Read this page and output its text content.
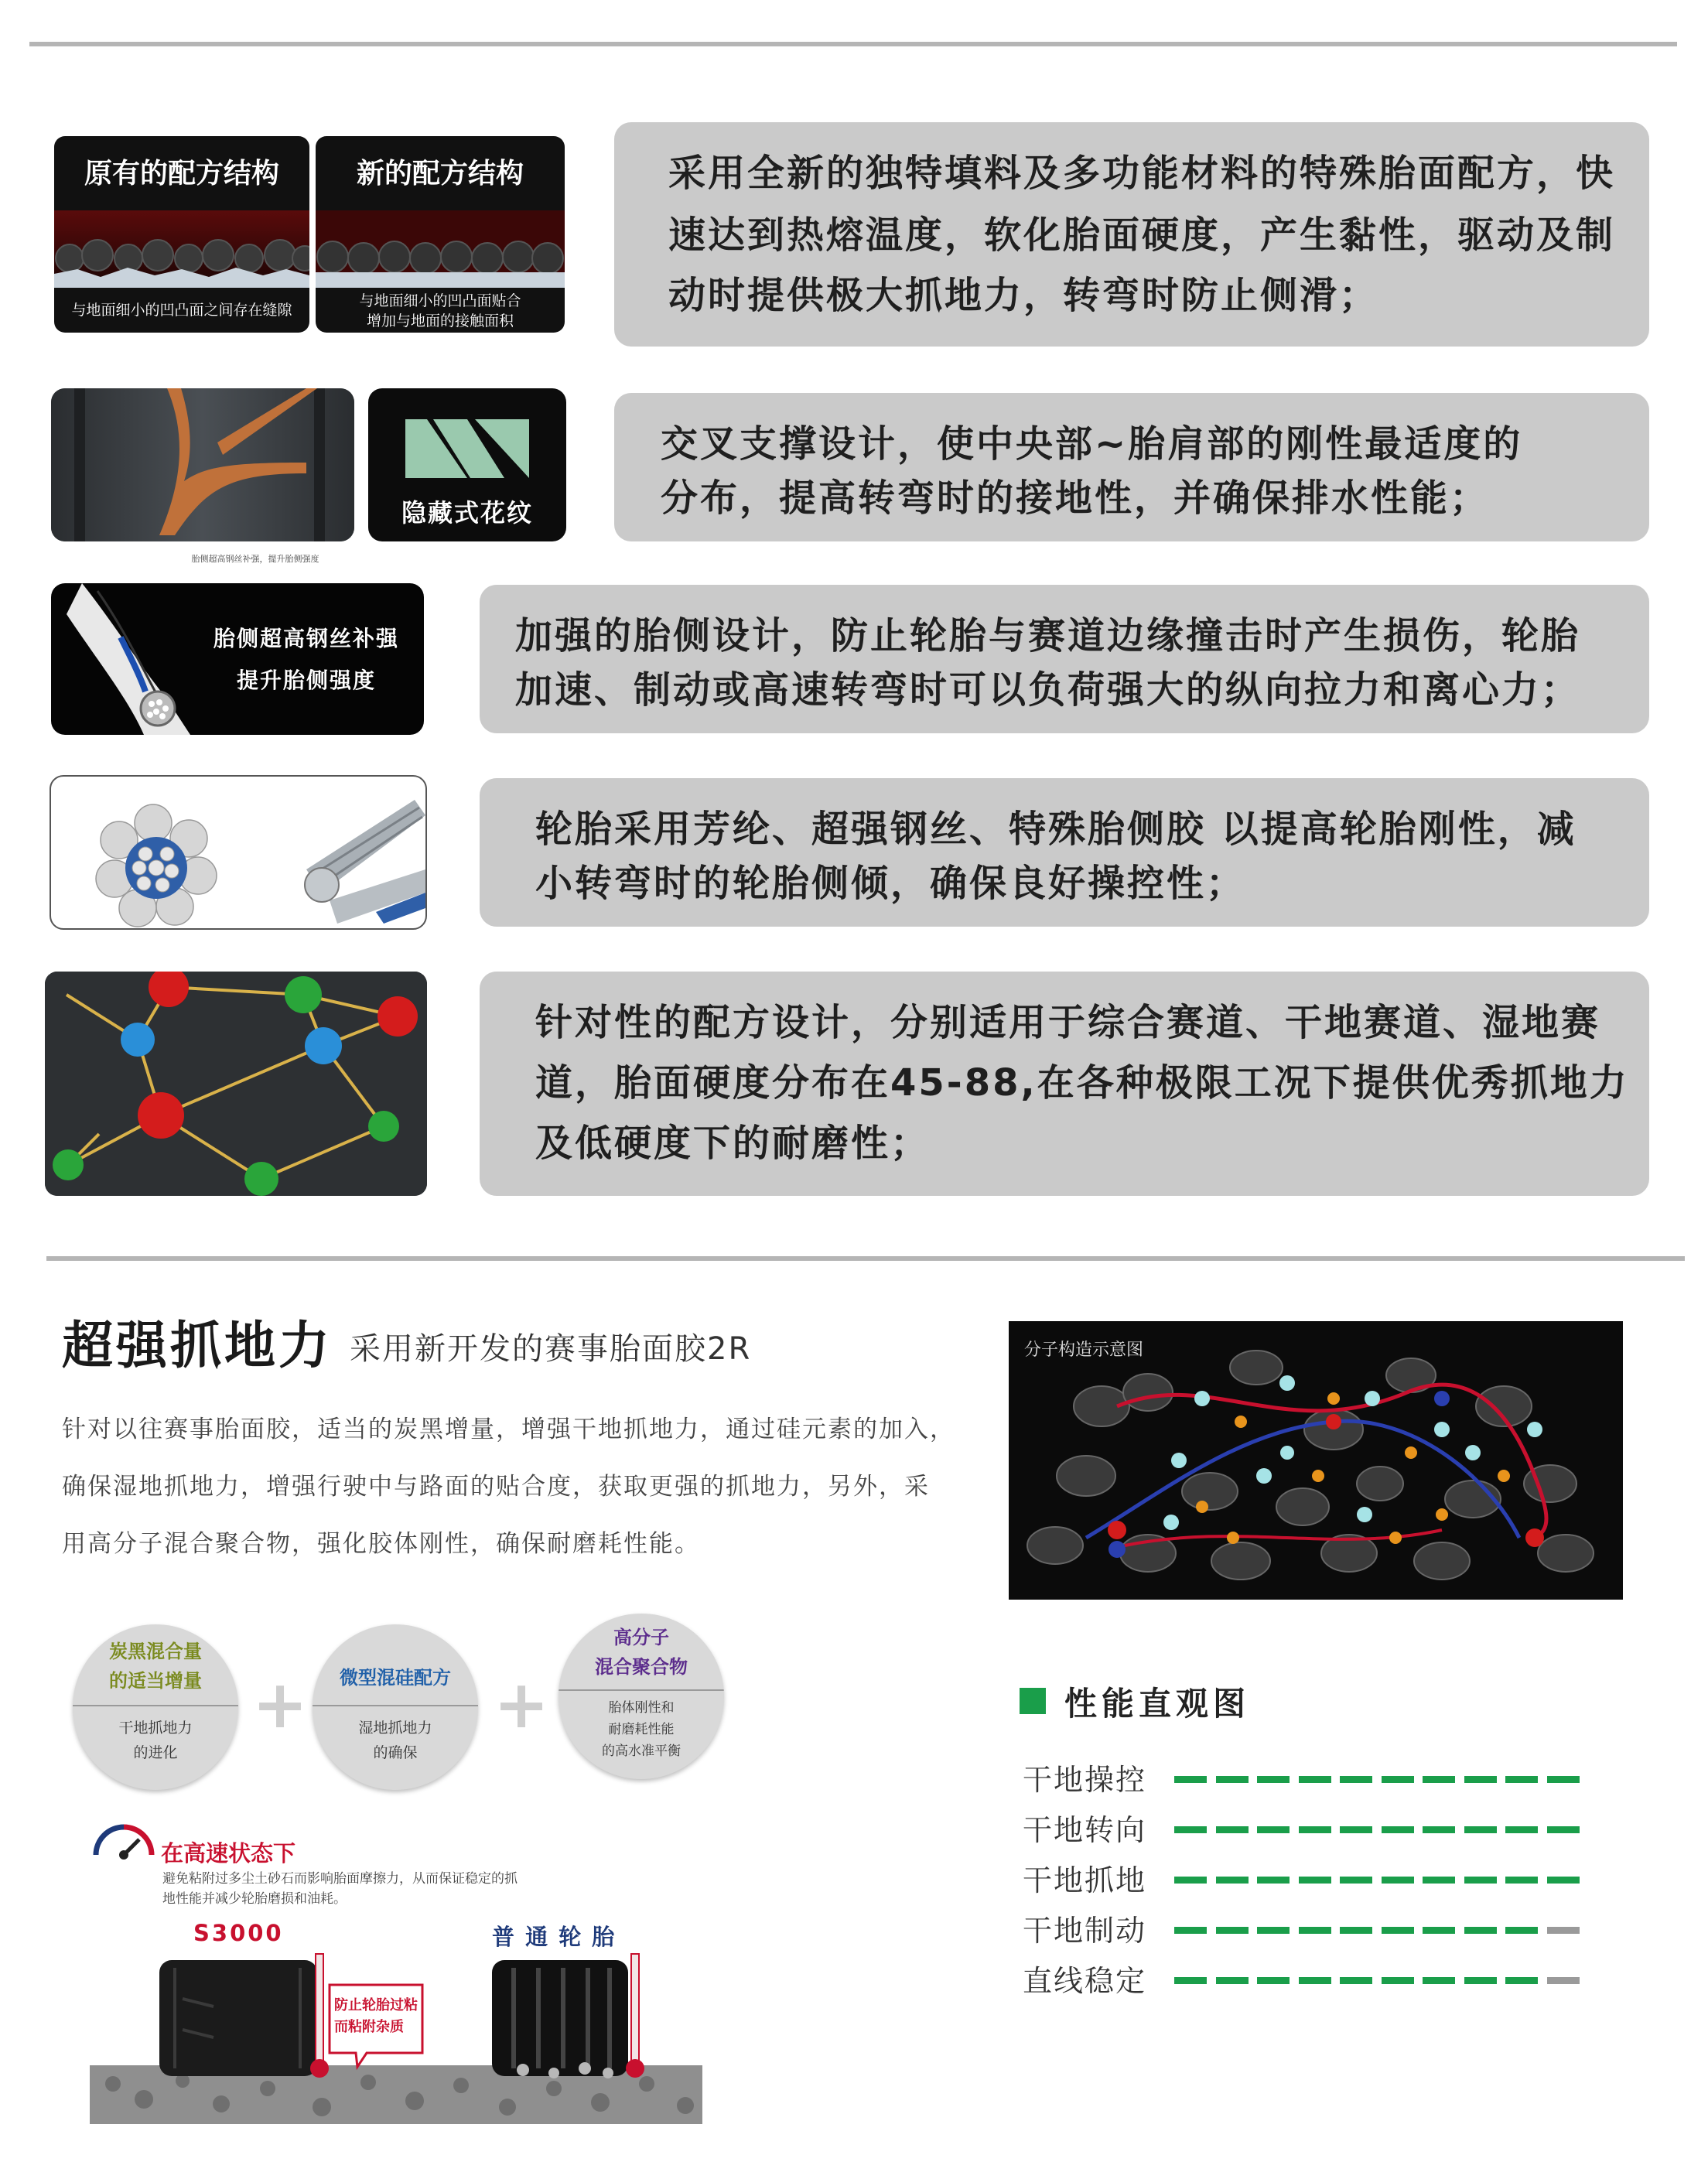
原有的配方结构
与地面细小的凹凸面之间存在缝隙
新的配方结构
与地面细小的凹凸面贴合
增加与地面的接触面积
采用全新的独特填料及多功能材料的特殊胎面配方，快
速达到热熔温度，软化胎面硬度，产生黏性，驱动及制
动时提供极大抓地力，转弯时防止侧滑；
隐藏式花纹
胎侧超高钢丝补强，提升胎侧强度
交叉支撑设计，使中央部~胎肩部的刚性最适度的
分布，提高转弯时的接地性，并确保排水性能；
胎侧超高钢丝补强
提升胎侧强度
加强的胎侧设计，防止轮胎与赛道边缘撞击时产生损伤，轮胎
加速、制动或高速转弯时可以负荷强大的纵向拉力和离心力；
轮胎采用芳纶、超强钢丝、特殊胎侧胶 以提高轮胎刚性，减
小转弯时的轮胎侧倾，确保良好操控性；
针对性的配方设计，分别适用于综合赛道、干地赛道、湿地赛
道，胎面硬度分布在45-88,在各种极限工况下提供优秀抓地力
及低硬度下的耐磨性；
超强抓地力 采用新开发的赛事胎面胶2R
针对以往赛事胎面胶，适当的炭黑增量，增强干地抓地力，通过硅元素的加入，
确保湿地抓地力，增强行驶中与路面的贴合度，获取更强的抓地力，另外，采
用高分子混合聚合物，强化胶体刚性，确保耐磨耗性能。
炭黑混合量
的适当增量
干地抓地力
的进化
+	微型混硅配方
湿地抓地力
的确保
+
高分子
混合聚合物
胎体刚性和
耐磨耗性能
的高水准平衡
在高速状态下
避免粘附过多尘土砂石而影响胎面摩擦力，从而保证稳定的抓
地性能并减少轮胎磨损和油耗。
S3000	普 通 轮 胎
防止轮胎过粘
而粘附杂质
分子构造示意图
性能直观图
干地操控
干地转向
干地抓地
干地制动
直线稳定
